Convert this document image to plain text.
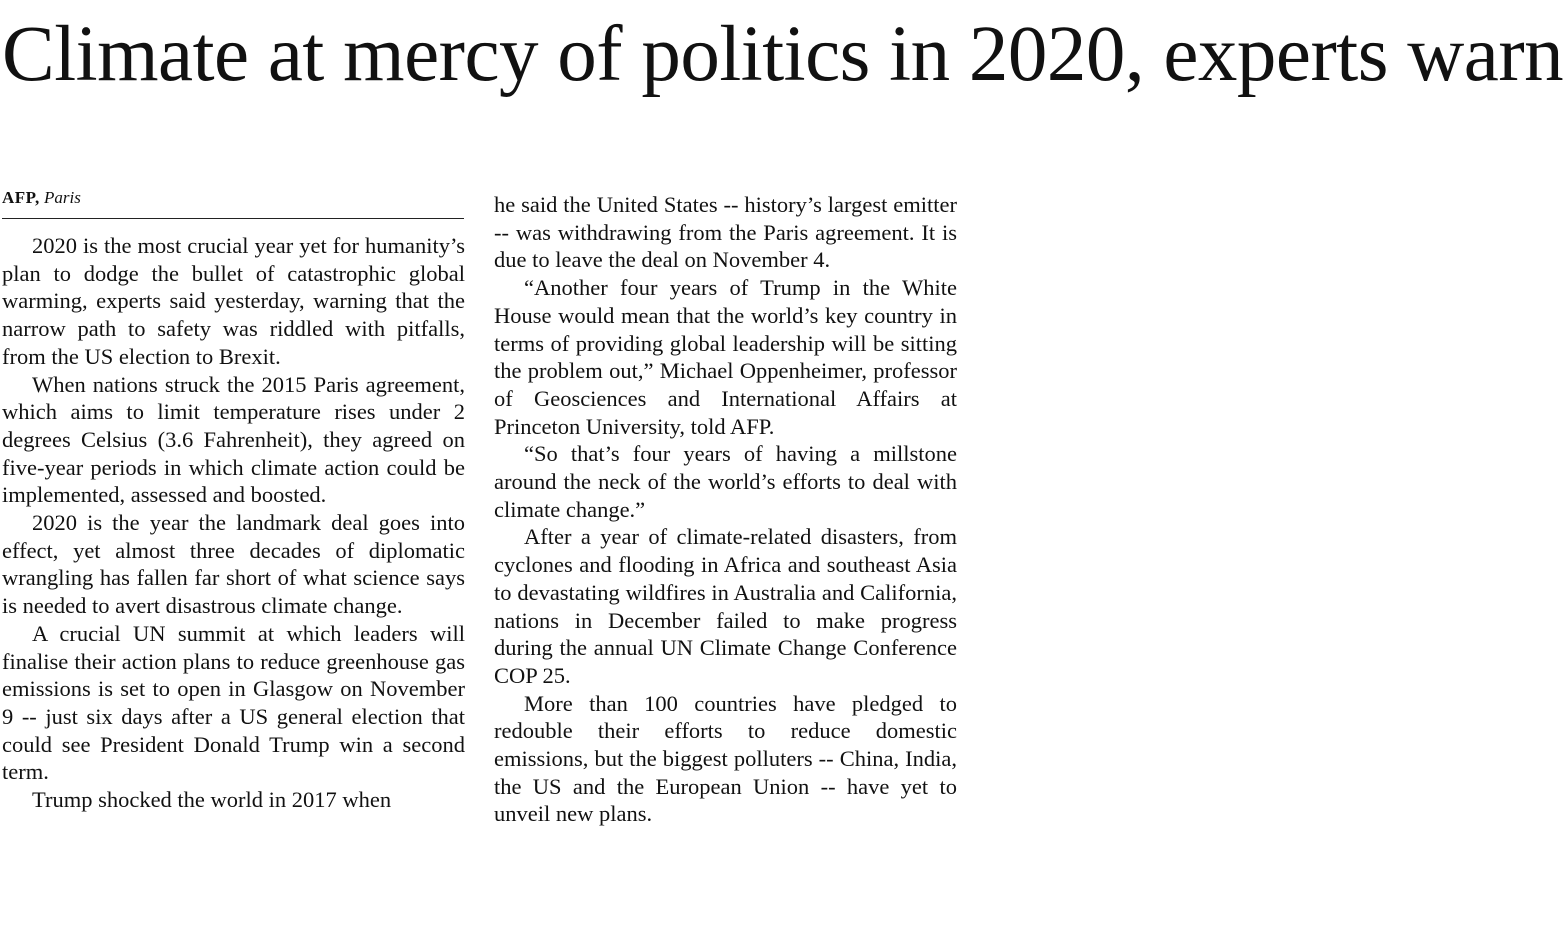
Climate at mercy of politics in 2020, experts warn
AFP, Paris

2020 is the most crucial year yet for humanity’s plan to dodge the bullet of catastrophic global warming, experts said yesterday, warning that the narrow path to safety was riddled with pitfalls, from the US election to Brexit.

When nations struck the 2015 Paris agreement, which aims to limit temperature rises under 2 degrees Celsius (3.6 Fahrenheit), they agreed on five-year periods in which climate action could be implemented, assessed and boosted.

2020 is the year the landmark deal goes into effect, yet almost three decades of diplomatic wrangling has fallen far short of what science says is needed to avert disastrous climate change.

A crucial UN summit at which leaders will finalise their action plans to reduce greenhouse gas emissions is set to open in Glasgow on November 9 -- just six days after a US general election that could see President Donald Trump win a second term.

Trump shocked the world in 2017 when

he said the United States -- history’s largest emitter -- was withdrawing from the Paris agreement. It is due to leave the deal on November 4.

“Another four years of Trump in the White House would mean that the world’s key country in terms of providing global leadership will be sitting the problem out,” Michael Oppenheimer, professor of Geosciences and International Affairs at Princeton University, told AFP.

“So that’s four years of having a millstone around the neck of the world’s efforts to deal with climate change.”

After a year of climate-related disasters, from cyclones and flooding in Africa and southeast Asia to devastating wildfires in Australia and California, nations in December failed to make progress during the annual UN Climate Change Conference COP 25.

More than 100 countries have pledged to redouble their efforts to reduce domestic emissions, but the biggest polluters -- China, India, the US and the European Union -- have yet to unveil new plans.
